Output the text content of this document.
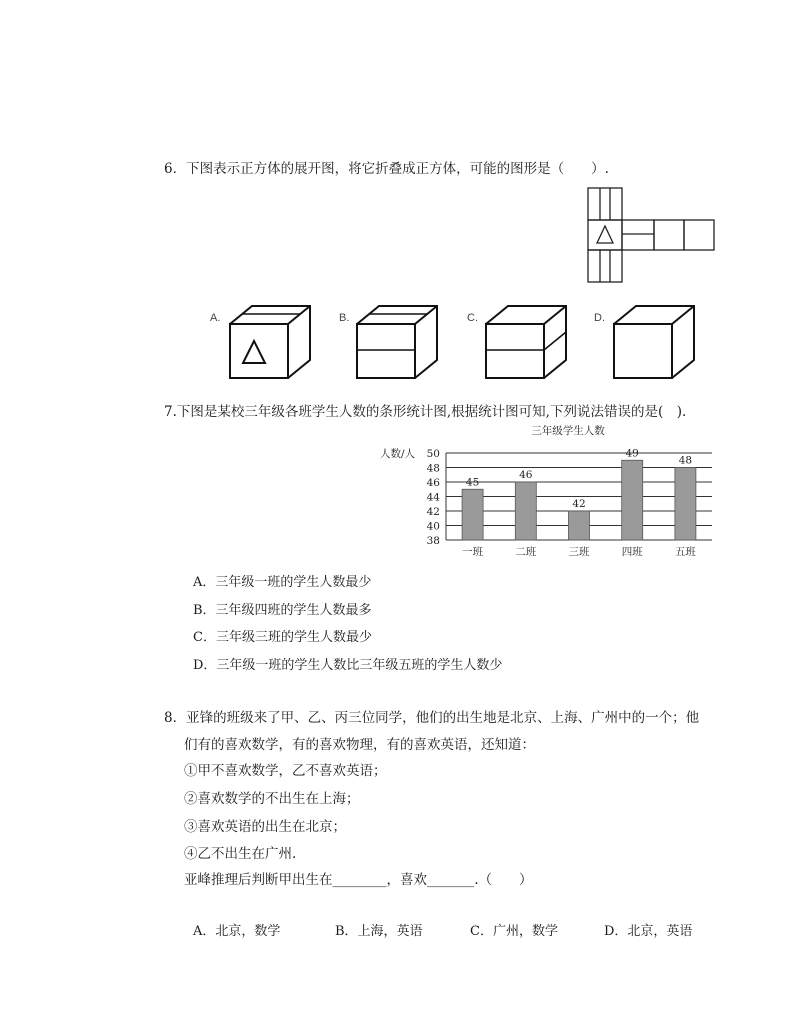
6．下图表示正方体的展开图，将它折叠成正方体，可能的图形是（　　）.
A.	B.	C.	D.
7.下图是某校三年级各班学生人数的条形统计图,根据统计图可知,下列说法错误的是(　).
三年级学生人数
人数/人
38
40
42
44
46
48
50
45
一班
46
二班
42
三班
49
四班
48
五班
A．三年级一班的学生人数最少
B．三年级四班的学生人数最多
C．三年级三班的学生人数最少
D．三年级一班的学生人数比三年级五班的学生人数少
8．亚锋的班级来了甲、乙、丙三位同学，他们的出生地是北京、上海、广州中的一个；他
们有的喜欢数学，有的喜欢物理，有的喜欢英语，还知道：
①甲不喜欢数学，乙不喜欢英语；
②喜欢数学的不出生在上海；
③喜欢英语的出生在北京；
④乙不出生在广州.
亚峰推理后判断甲出生在________，喜欢_______.（　　）
A．北京，数学	B．上海，英语	C．广州，数学	D．北京，英语
